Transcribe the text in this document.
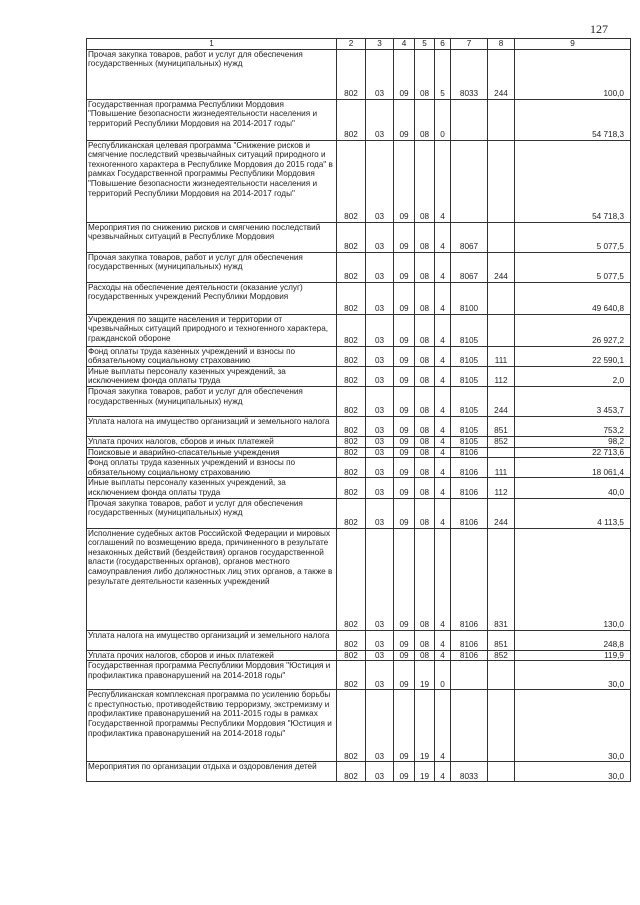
127
1	2	3	4	5	6	7	8	9
Прочая закупка товаров, работ и услуг для обеспечения государственных (муниципальных) нужд	802	03	09	08	5	8033	244	100,0
Государственная программа Республики Мордовия "Повышение безопасности жизнедеятельности населения и территорий Республики Мордовия на 2014-2017 годы"	802	03	09	08	0			54 718,3
Республиканская целевая программа "Снижение рисков и смягчение последствий чрезвычайных ситуаций природного и техногенного характера в Республике Мордовия до 2015 года" в рамках Государственной программы Республики Мордовия "Повышение безопасности жизнедеятельности населения и территорий Республики Мордовия на 2014-2017 годы"	802	03	09	08	4			54 718,3
Мероприятия по снижению рисков и смягчению последствий чрезвычайных ситуаций в Республике Мордовия	802	03	09	08	4	8067		5 077,5
Прочая закупка товаров, работ и услуг для обеспечения государственных (муниципальных) нужд	802	03	09	08	4	8067	244	5 077,5
Расходы на обеспечение деятельности (оказание услуг) государственных учреждений Республики Мордовия	802	03	09	08	4	8100		49 640,8
Учреждения по защите населения и территории от чрезвычайных ситуаций природного и техногенного характера, гражданской обороне	802	03	09	08	4	8105		26 927,2
Фонд оплаты труда казенных учреждений и взносы по обязательному социальному страхованию	802	03	09	08	4	8105	111	22 590,1
Иные выплаты персоналу казенных учреждений, за исключением фонда оплаты труда	802	03	09	08	4	8105	112	2,0
Прочая закупка товаров, работ и услуг для обеспечения государственных (муниципальных) нужд	802	03	09	08	4	8105	244	3 453,7
Уплата налога на имущество организаций и земельного налога	802	03	09	08	4	8105	851	753,2
Уплата прочих налогов, сборов и иных платежей	802	03	09	08	4	8105	852	98,2
Поисковые и аварийно-спасательные учреждения	802	03	09	08	4	8106		22 713,6
Фонд оплаты труда казенных учреждений и взносы по обязательному социальному страхованию	802	03	09	08	4	8106	111	18 061,4
Иные выплаты персоналу казенных учреждений, за исключением фонда оплаты труда	802	03	09	08	4	8106	112	40,0
Прочая закупка товаров, работ и услуг для обеспечения государственных (муниципальных) нужд	802	03	09	08	4	8106	244	4 113,5
Исполнение судебных актов Российской Федерации и мировых соглашений по возмещению вреда, причиненного в результате незаконных действий (бездействия) органов государственной власти (государственных органов), органов местного самоуправления либо должностных лиц этих органов, а также в результате деятельности казенных учреждений	802	03	09	08	4	8106	831	130,0
Уплата налога на имущество организаций и земельного налога	802	03	09	08	4	8106	851	248,8
Уплата прочих налогов, сборов и иных платежей	802	03	09	08	4	8106	852	119,9
Государственная программа Республики Мордовия "Юстиция и профилактика правонарушений на 2014-2018 годы"	802	03	09	19	0			30,0
Республиканская комплексная программа по усилению борьбы с преступностью, противодействию терроризму, экстремизму и профилактике правонарушений на 2011-2015 годы в рамках Государственной программы Республики Мордовия "Юстиция и профилактика правонарушений на 2014-2018 годы"	802	03	09	19	4			30,0
Мероприятия по организации отдыха и оздоровления детей	802	03	09	19	4	8033		30,0
